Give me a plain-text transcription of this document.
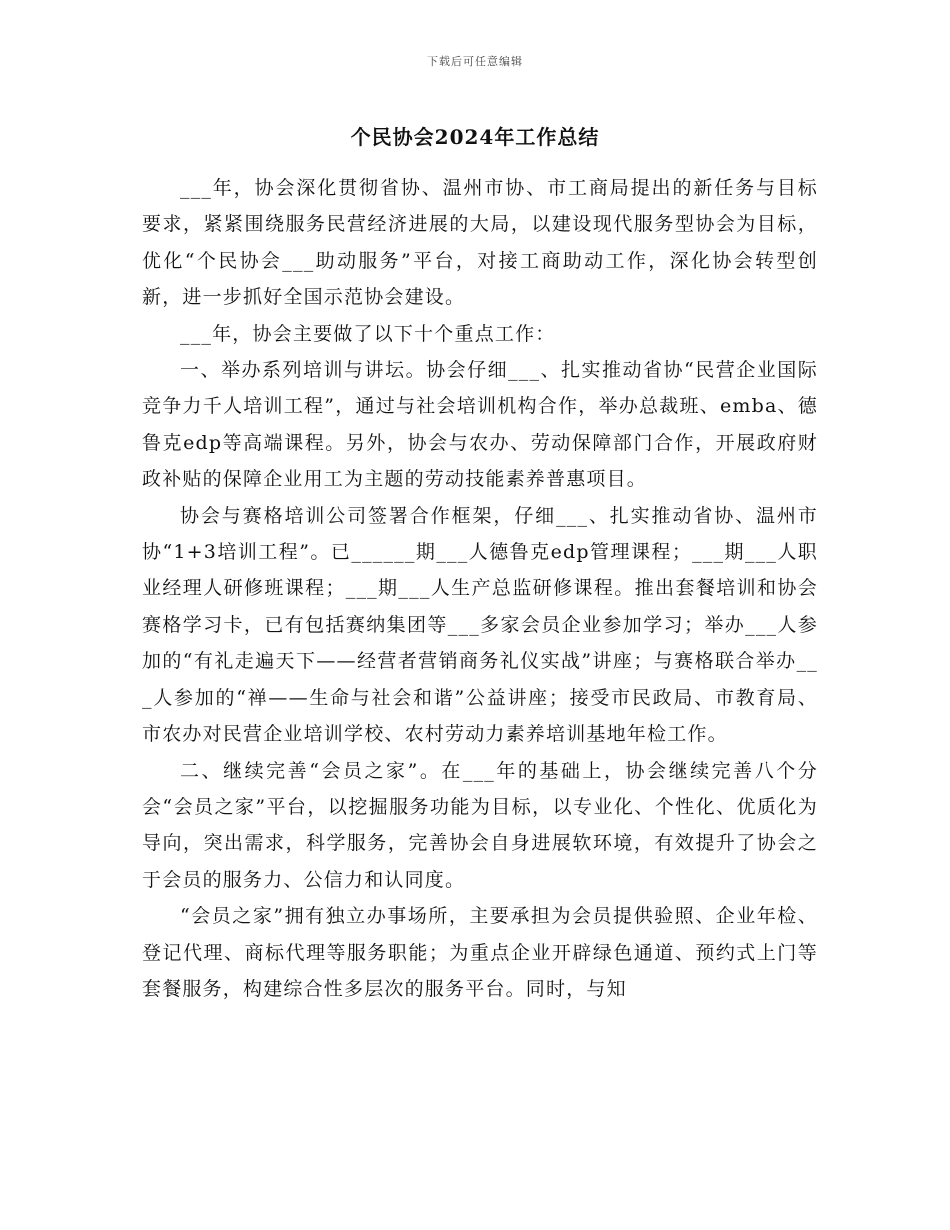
下载后可任意编辑
个民协会2024年工作总结

___年，协会深化贯彻省协、温州市协、市工商局提出的新任务与目标要求，紧紧围绕服务民营经济进展的大局，以建设现代服务型协会为目标，优化“个民协会___助动服务”平台，对接工商助动工作，深化协会转型创新，进一步抓好全国示范协会建设。

___年，协会主要做了以下十个重点工作：

一、举办系列培训与讲坛。协会仔细___、扎实推动省协“民营企业国际竞争力千人培训工程”，通过与社会培训机构合作，举办总裁班、emba、德鲁克edp等高端课程。另外，协会与农办、劳动保障部门合作，开展政府财政补贴的保障企业用工为主题的劳动技能素养普惠项目。

协会与赛格培训公司签署合作框架，仔细___、扎实推动省协、温州市协“1+3培训工程”。已______期___人德鲁克edp管理课程；___期___人职业经理人研修班课程；___期___人生产总监研修课程。推出套餐培训和协会赛格学习卡，已有包括赛纳集团等___多家会员企业参加学习；举办___人参加的“有礼走遍天下——经营者营销商务礼仪实战”讲座；与赛格联合举办___人参加的“禅——生命与社会和谐”公益讲座；接受市民政局、市教育局、市农办对民营企业培训学校、农村劳动力素养培训基地年检工作。

二、继续完善“会员之家”。在___年的基础上，协会继续完善八个分会“会员之家”平台，以挖掘服务功能为目标，以专业化、个性化、优质化为导向，突出需求，科学服务，完善协会自身进展软环境，有效提升了协会之于会员的服务力、公信力和认同度。

“会员之家”拥有独立办事场所，主要承担为会员提供验照、企业年检、登记代理、商标代理等服务职能；为重点企业开辟绿色通道、预约式上门等套餐服务，构建综合性多层次的服务平台。同时，与知
